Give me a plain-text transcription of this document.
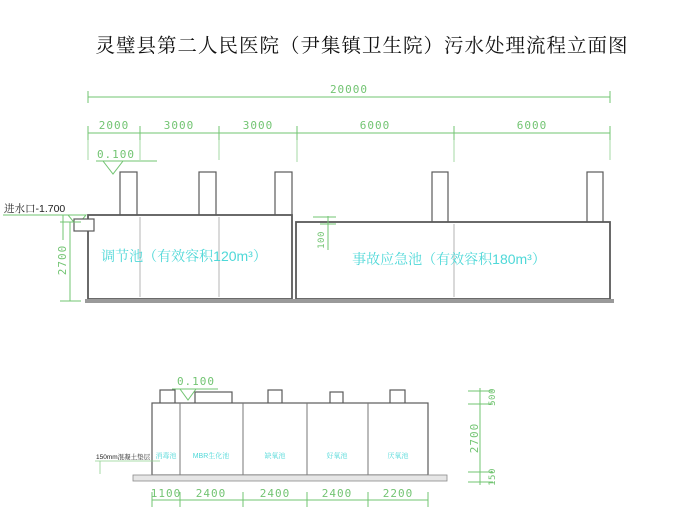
灵璧县第二人民医院（尹集镇卫生院）污水处理流程立面图
20000
2000	3000	3000	6000	6000
0.100
进水口-1.700
调节池（有效容积120m³）	事故应急池（有效容积180m³）
100
2700
0.100
消毒池 MBR生化池	缺氧池	好氧池	厌氧池
150mm混凝土垫层
1100 2400	2400	2400	2200
500
2700
150
